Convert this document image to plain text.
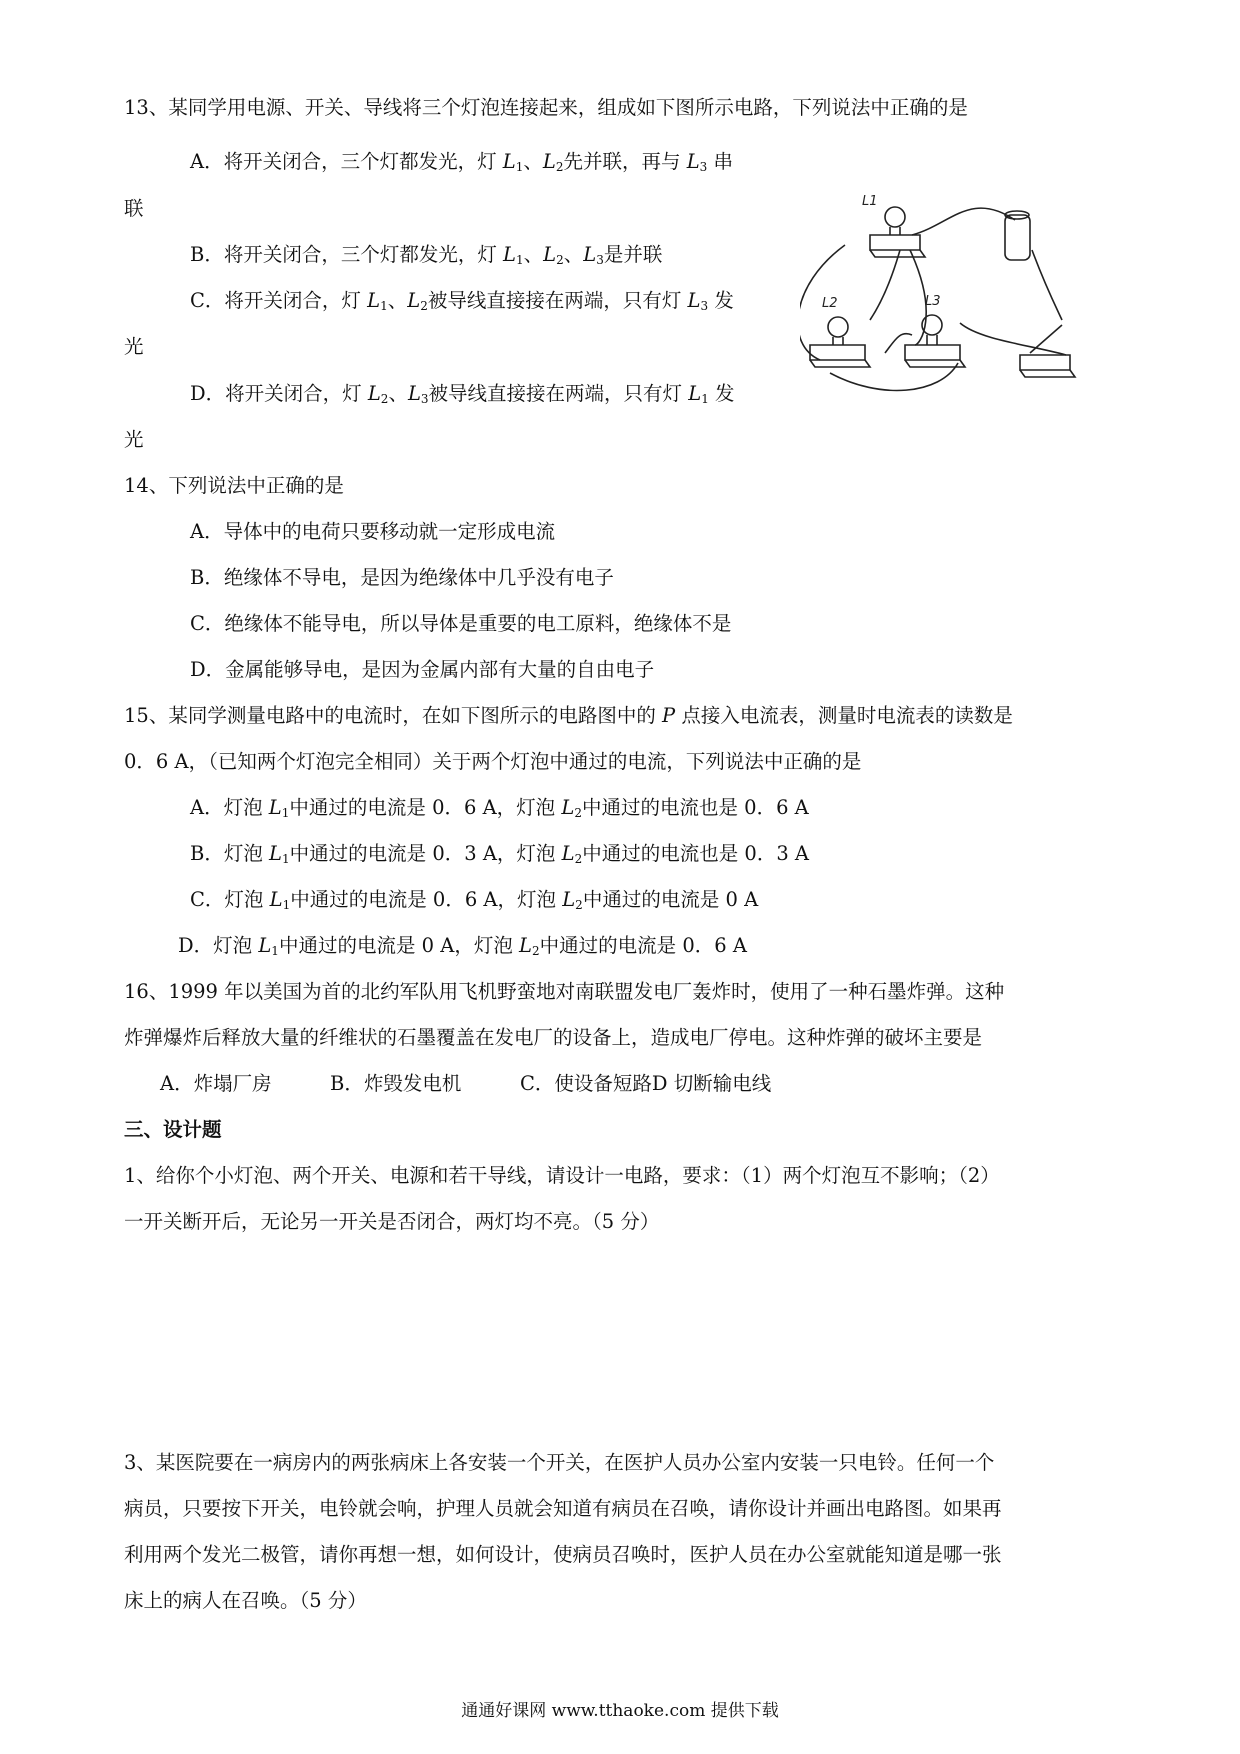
13、某同学用电源、开关、导线将三个灯泡连接起来，组成如下图所示电路，下列说法中正确的是
A．将开关闭合，三个灯都发光，灯 $L_1$、$L_2$先并联，再与 $L_3$ 串
联
B．将开关闭合，三个灯都发光，灯 $L_1$、$L_2$、$L_3$是并联
C．将开关闭合，灯 $L_1$、$L_2$被导线直接接在两端，只有灯 $L_3$ 发
光
D．将开关闭合，灯 $L_2$、$L_3$被导线直接接在两端，只有灯 $L_1$ 发
光
L1
L2	L3
14、下列说法中正确的是
A．导体中的电荷只要移动就一定形成电流
B．绝缘体不导电，是因为绝缘体中几乎没有电子
C．绝缘体不能导电，所以导体是重要的电工原料，绝缘体不是
D．金属能够导电，是因为金属内部有大量的自由电子
15、某同学测量电路中的电流时，在如下图所示的电路图中的 P 点接入电流表，测量时电流表的读数是
0．6 A，（已知两个灯泡完全相同）关于两个灯泡中通过的电流，下列说法中正确的是
A．灯泡 $L_1$中通过的电流是 0．6 A，灯泡 $L_2$中通过的电流也是 0．6 A
B．灯泡 $L_1$中通过的电流是 0．3 A，灯泡 $L_2$中通过的电流也是 0．3 A
C．灯泡 $L_1$中通过的电流是 0．6 A，灯泡 $L_2$中通过的电流是 0 A
D．灯泡 $L_1$中通过的电流是 0 A，灯泡 $L_2$中通过的电流是 0．6 A
16、1999 年以美国为首的北约军队用飞机野蛮地对南联盟发电厂轰炸时，使用了一种石墨炸弹。这种
炸弹爆炸后释放大量的纤维状的石墨覆盖在发电厂的设备上，造成电厂停电。这种炸弹的破坏主要是
A．炸塌厂房	B．炸毁发电机	C．使设备短路D 切断输电线
三、设计题
1、给你个小灯泡、两个开关、电源和若干导线，请设计一电路，要求：（1）两个灯泡互不影响；（2）
一开关断开后，无论另一开关是否闭合，两灯均不亮。（5 分）
3、某医院要在一病房内的两张病床上各安装一个开关，在医护人员办公室内安装一只电铃。任何一个
病员，只要按下开关，电铃就会响，护理人员就会知道有病员在召唤，请你设计并画出电路图。如果再
利用两个发光二极管，请你再想一想，如何设计，使病员召唤时，医护人员在办公室就能知道是哪一张
床上的病人在召唤。（5 分）
通通好课网 www.tthaoke.com 提供下载
